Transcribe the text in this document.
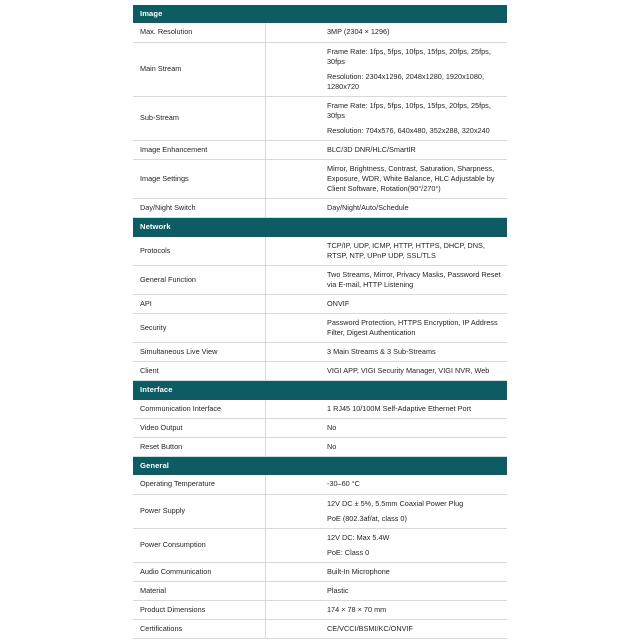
Image	
Max. Resolution	3MP (2304 × 1296)

Main Stream	Frame Rate: 1fps, 5fps, 10fps, 15fps, 20fps, 25fps, 30fps

Resolution: 2304x1296, 2048x1280, 1920x1080, 1280x720

Sub-Stream	Frame Rate: 1fps, 5fps, 10fps, 15fps, 20fps, 25fps, 30fps

Resolution: 704x576, 640x480, 352x288, 320x240

Image Enhancement	BLC/3D DNR/HLC/SmartIR

Image Settings	Mirror, Brightness, Contrast, Saturation, Sharpness, Exposure, WDR, White Balance, HLC Adjustable by Client Software, Rotation(90°/270°)

Day/Night Switch	Day/Night/Auto/Schedule

Network	
Protocols	TCP/IP, UDP, ICMP, HTTP, HTTPS, DHCP, DNS, RTSP, NTP, UPnP UDP, SSL/TLS

General Function	Two Streams, Mirror, Privacy Masks, Password Reset via E-mail, HTTP Listening

API	ONVIF

Security	Password Protection, HTTPS Encryption, IP Address Filter, Digest Authentication

Simultaneous Live View	3 Main Streams & 3 Sub-Streams

Client	VIGI APP, VIGI Security Manager, VIGI NVR, Web

Interface	
Communication Interface	1 RJ45 10/100M Self-Adaptive Ethernet Port

Video Output	No

Reset Button	No

General	
Operating Temperature	-30–60 °C

Power Supply	12V DC ± 5%, 5.5mm Coaxial Power Plug

PoE (802.3af/at, class 0)

Power Consumption	12V DC: Max 5.4W

PoE: Class 0

Audio Communication	Built-In Microphone

Material	Plastic

Product Dimensions	174 × 78 × 70 mm

Certifications	CE/VCCI/BSMI/KC/ONVIF
